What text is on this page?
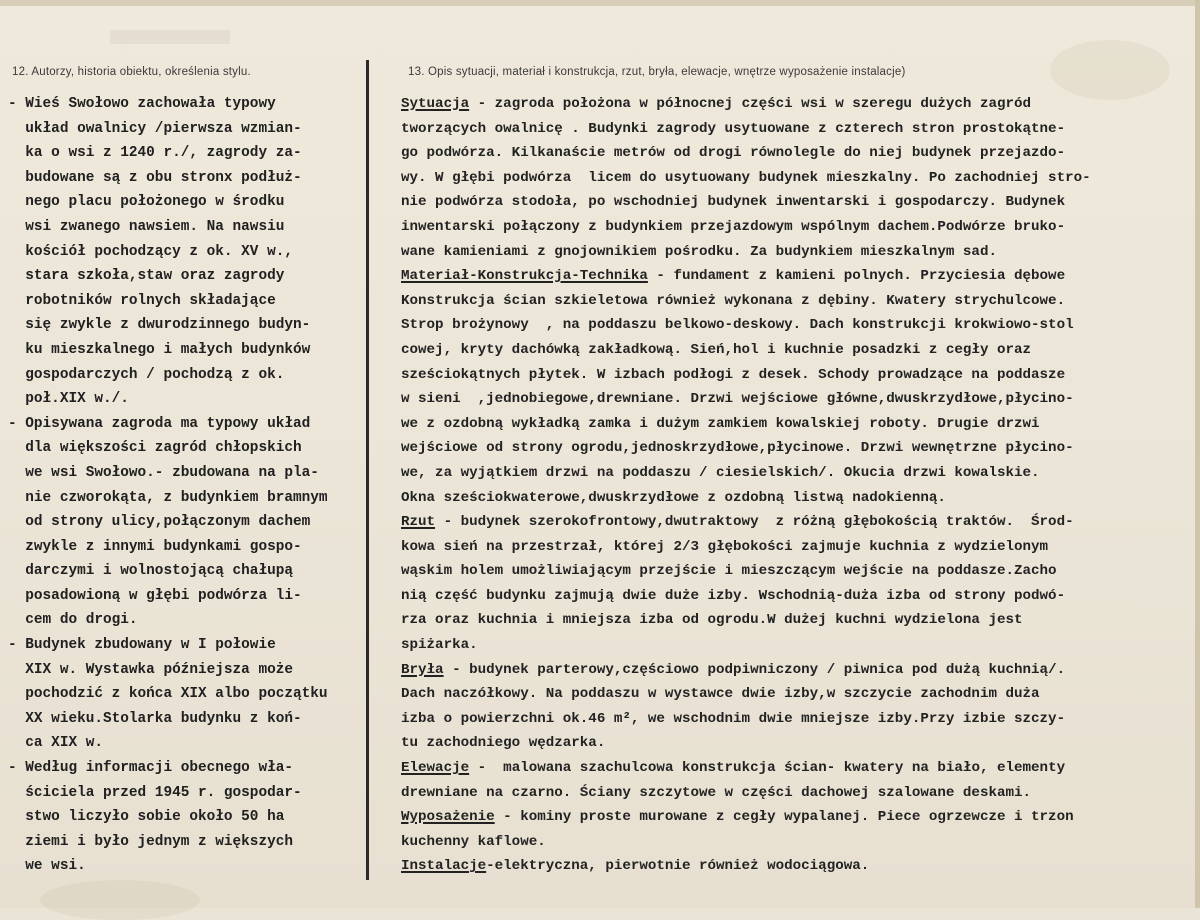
12. Autorzy, historia obiektu, określenia stylu.	13. Opis sytuacji, materiał i konstrukcja, rzut, bryła, elewacje, wnętrze wyposażenie instalacje)
- Wieś Swołowo zachowała typowy
układ owalnicy /pierwsza wzmian-
ka o wsi z 1240 r./, zagrody za-
budowane są z obu stronx podłuż-
nego placu położonego w środku
wsi zwanego nawsiem. Na nawsiu
kościół pochodzący z ok. XV w.,
stara szkoła,staw oraz zagrody
robotników rolnych składające
się zwykle z dwurodzinnego budyn-
ku mieszkalnego i małych budynków
gospodarczych / pochodzą z ok.
poł.XIX w./.
- Opisywana zagroda ma typowy układ
dla większości zagród chłopskich
we wsi Swołowo.- zbudowana na pla-
nie czworokąta, z budynkiem bramnym
od strony ulicy,połączonym dachem
zwykle z innymi budynkami gospo-
darczymi i wolnostojącą chałupą
posadowioną w głębi podwórza li-
cem do drogi.
- Budynek zbudowany w I połowie
XIX w. Wystawka późniejsza może
pochodzić z końca XIX albo początku
XX wieku.Stolarka budynku z koń-
ca XIX w.
- Według informacji obecnego wła-
ściciela przed 1945 r. gospodar-
stwo liczyło sobie około 50 ha
ziemi i było jednym z większych
we wsi.
Sytuacja - zagroda położona w północnej części wsi w szeregu dużych zagród
tworzących owalnicę . Budynki zagrody usytuowane z czterech stron prostokątne-
go podwórza. Kilkanaście metrów od drogi równolegle do niej budynek przejazdo-
wy. W głębi podwórza  licem do usytuowany budynek mieszkalny. Po zachodniej stro-
nie podwórza stodoła, po wschodniej budynek inwentarski i gospodarczy. Budynek
inwentarski połączony z budynkiem przejazdowym wspólnym dachem.Podwórze bruko-
wane kamieniami z gnojownikiem pośrodku. Za budynkiem mieszkalnym sad.
Materiał-Konstrukcja-Technika - fundament z kamieni polnych. Przyciesia dębowe
Konstrukcja ścian szkieletowa również wykonana z dębiny. Kwatery strychulcowe.
Strop brożynowy  , na poddaszu belkowo-deskowy. Dach konstrukcji krokwiowo-stol
cowej, kryty dachówką zakładkową. Sień,hol i kuchnie posadzki z cegły oraz
sześciokątnych płytek. W izbach podłogi z desek. Schody prowadzące na poddasze
w sieni  ,jednobiegowe,drewniane. Drzwi wejściowe główne,dwuskrzydłowe,płycino-
we z ozdobną wykładką zamka i dużym zamkiem kowalskiej roboty. Drugie drzwi
wejściowe od strony ogrodu,jednoskrzydłowe,płycinowe. Drzwi wewnętrzne płycino-
we, za wyjątkiem drzwi na poddaszu / ciesielskich/. Okucia drzwi kowalskie.
Okna sześciokwaterowe,dwuskrzydłowe z ozdobną listwą nadokienną.
Rzut - budynek szerokofrontowy,dwutraktowy  z różną głębokością traktów.  Środ-
kowa sień na przestrzał, której 2/3 głębokości zajmuje kuchnia z wydzielonym
wąskim holem umożliwiającym przejście i mieszczącym wejście na poddasze.Zacho
nią część budynku zajmują dwie duże izby. Wschodnią-duża izba od strony podwó-
rza oraz kuchnia i mniejsza izba od ogrodu.W dużej kuchni wydzielona jest
spiżarka.
Bryła - budynek parterowy,częściowo podpiwniczony / piwnica pod dużą kuchnią/.
Dach naczółkowy. Na poddaszu w wystawce dwie izby,w szczycie zachodnim duża
izba o powierzchni ok.46 m², we wschodnim dwie mniejsze izby.Przy izbie szczy-
tu zachodniego wędzarka.
Elewacje -  malowana szachulcowa konstrukcja ścian- kwatery na biało, elementy
drewniane na czarno. Ściany szczytowe w części dachowej szalowane deskami.
Wyposażenie - kominy proste murowane z cegły wypalanej. Piece ogrzewcze i trzon
kuchenny kaflowe.
Instalacje-elektryczna, pierwotnie również wodociągowa.
